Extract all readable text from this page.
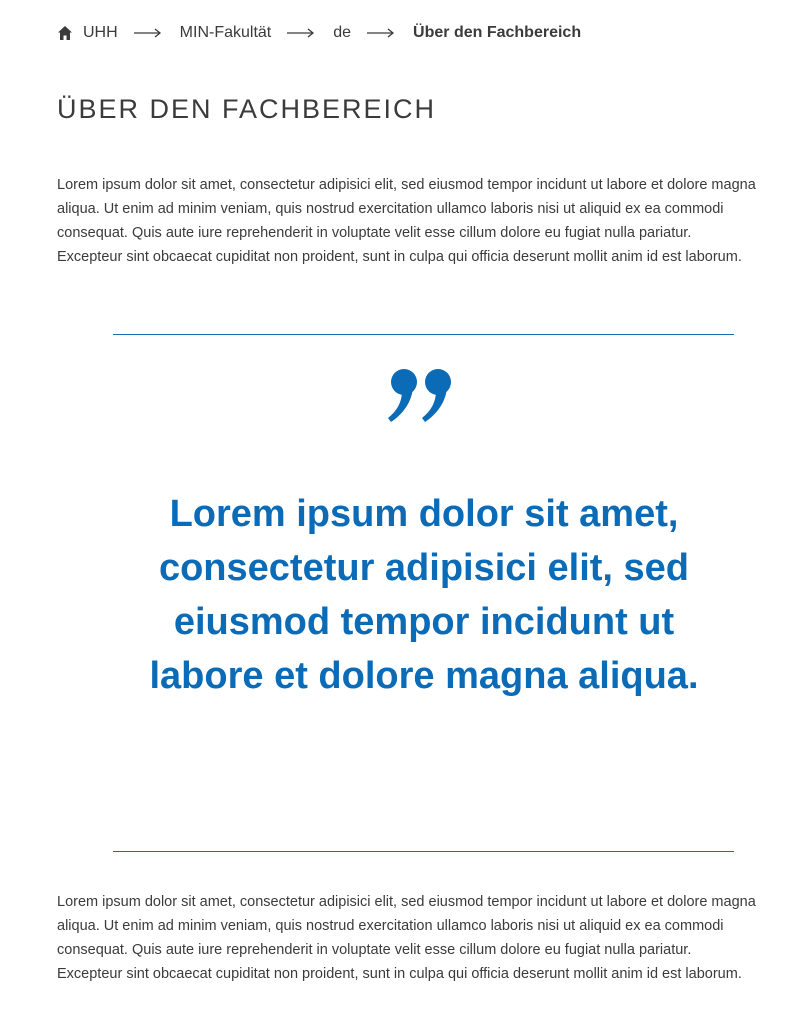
UHH	MIN-Fakultät	de	Über den Fachbereich
ÜBER DEN FACHBEREICH

Lorem ipsum dolor sit amet, consectetur adipisici elit, sed eiusmod tempor incidunt ut labore et dolore magna aliqua. Ut enim ad minim veniam, quis nostrud exercitation ullamco laboris nisi ut aliquid ex ea commodi consequat. Quis aute iure reprehenderit in voluptate velit esse cillum dolore eu fugiat nulla pariatur. Excepteur sint obcaecat cupiditat non proident, sunt in culpa qui officia deserunt mollit anim id est laborum.

Lorem ipsum dolor sit amet, consectetur adipisici elit, sed eiusmod tempor incidunt ut labore et dolore magna aliqua.

Lorem ipsum dolor sit amet, consectetur adipisici elit, sed eiusmod tempor incidunt ut labore et dolore magna aliqua. Ut enim ad minim veniam, quis nostrud exercitation ullamco laboris nisi ut aliquid ex ea commodi consequat. Quis aute iure reprehenderit in voluptate velit esse cillum dolore eu fugiat nulla pariatur. Excepteur sint obcaecat cupiditat non proident, sunt in culpa qui officia deserunt mollit anim id est laborum.
